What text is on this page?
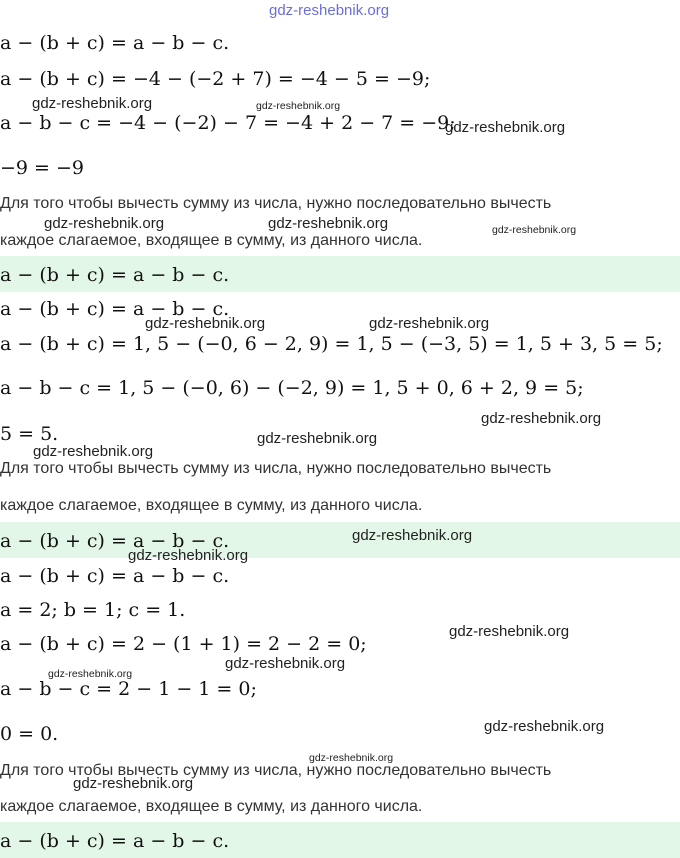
a − (b + c) = a − b − c.
a − (b + c) = −4 − (−2 + 7) = −4 − 5 = −9;
a − b − c = −4 − (−2) − 7 = −4 + 2 − 7 = −9;
−9 = −9
Для того чтобы вычесть сумму из числа, нужно последовательно вычесть
каждое слагаемое, входящее в сумму, из данного числа.
a − (b + c) = a − b − c.
a − (b + c) = a − b − c.
a − (b + c) = 1, 5 − (−0, 6 − 2, 9) = 1, 5 − (−3, 5) = 1, 5 + 3, 5 = 5;
a − b − c = 1, 5 − (−0, 6) − (−2, 9) = 1, 5 + 0, 6 + 2, 9 = 5;
5 = 5.
Для того чтобы вычесть сумму из числа, нужно последовательно вычесть
каждое слагаемое, входящее в сумму, из данного числа.
a − (b + c) = a − b − c.
a − (b + c) = a − b − c.
a = 2; b = 1; c = 1.
a − (b + c) = 2 − (1 + 1) = 2 − 2 = 0;
a − b − c = 2 − 1 − 1 = 0;
0 = 0.
Для того чтобы вычесть сумму из числа, нужно последовательно вычесть
каждое слагаемое, входящее в сумму, из данного числа.
a − (b + c) = a − b − c.
gdz-reshebnik.org
gdz-reshebnik.org	gdz-reshebnik.org
gdz-reshebnik.org
gdz-reshebnik.org	gdz-reshebnik.org	gdz-reshebnik.org
gdz-reshebnik.org	gdz-reshebnik.org
gdz-reshebnik.org
gdz-reshebnik.org
gdz-reshebnik.org
gdz-reshebnik.org
gdz-reshebnik.org
gdz-reshebnik.org
gdz-reshebnik.org
gdz-reshebnik.org
gdz-reshebnik.org
gdz-reshebnik.org
gdz-reshebnik.org
